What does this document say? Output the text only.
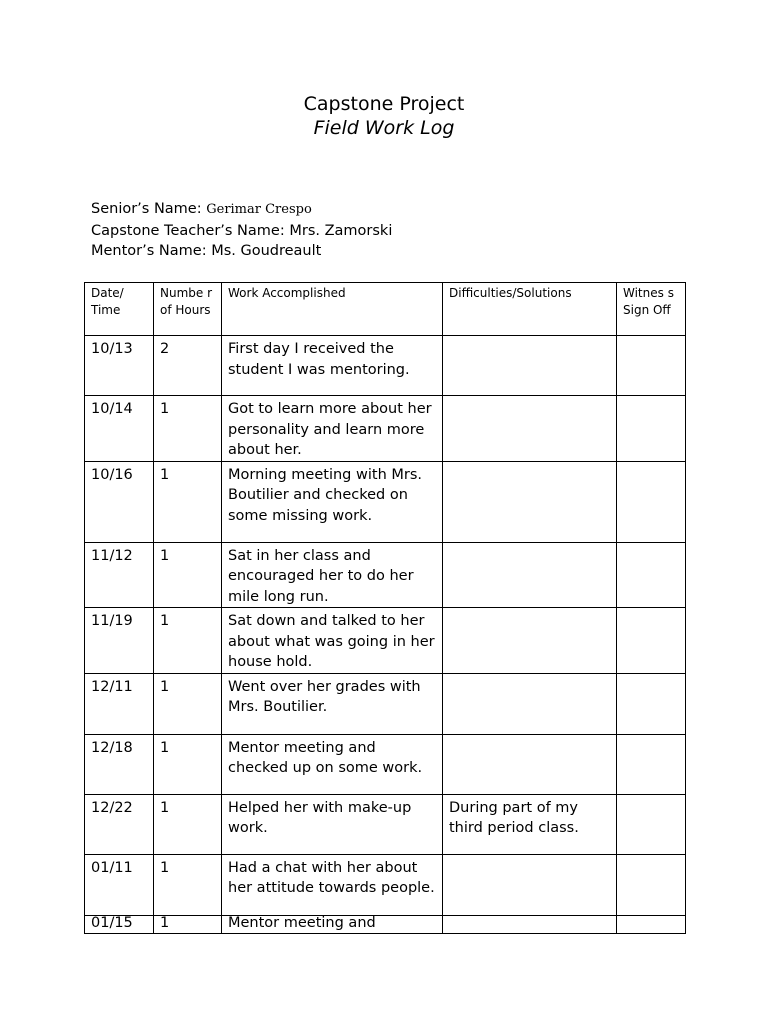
Capstone Project
Field Work Log
Senior’s Name: Gerimar Crespo
Capstone Teacher’s Name: Mrs. Zamorski
Mentor’s Name: Ms. Goudreault
Date/ Time	Numbe r of Hours	Work Accomplished	Difficulties/Solutions	Witnes s Sign Off
10/13	2	First day I received the student I was mentoring.		
10/14	1	Got to learn more about her personality and learn more about her.		
10/16	1	Morning meeting with Mrs. Boutilier and checked on some missing work.		
11/12	1	Sat in her class and encouraged her to do her mile long run.		
11/19	1	Sat down and talked to her about what was going in her house hold.		
12/11	1	Went over her grades with Mrs. Boutilier.		
12/18	1	Mentor meeting and checked up on some work.		
12/22	1	Helped her with make-up work.	During part of my third period class.	
01/11	1	Had a chat with her about her attitude towards people.		
01/15	1	Mentor meeting and		
